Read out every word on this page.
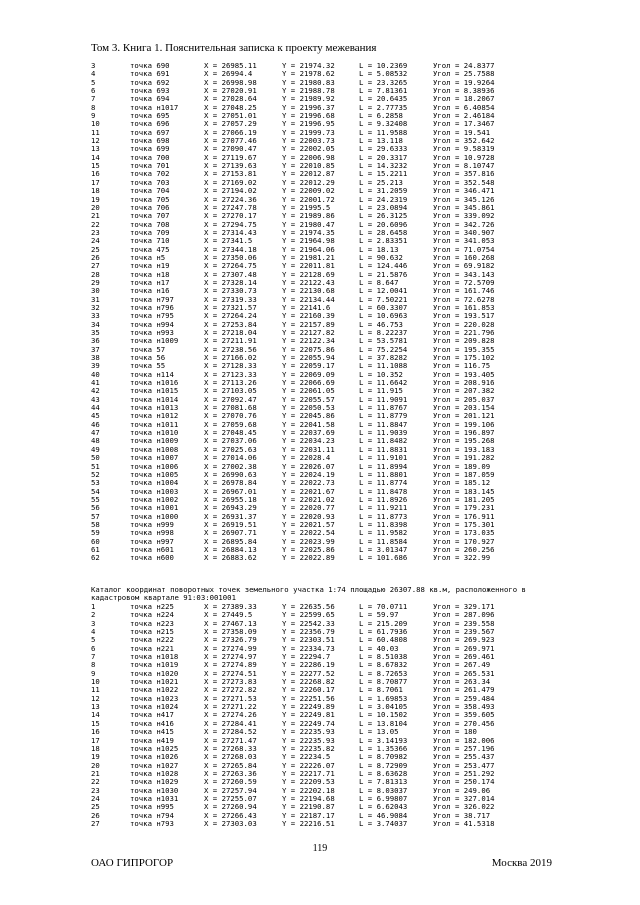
Том 3. Книга 1. Пояснительная записка к проекту межевания
3	точка 690	X = 26985.11	Y = 21974.32	L = 10.2369	Угол = 24.8377
4	точка 691	X = 26994.4	Y = 21978.62	L = 5.08532	Угол = 25.7588
5	точка 692	X = 26998.98	Y = 21980.83	L = 23.3265	Угол = 19.9264
6	точка 693	X = 27020.91	Y = 21988.78	L = 7.81361	Угол = 8.38936
7	точка 694	X = 27028.64	Y = 21989.92	L = 20.6435	Угол = 18.2067
8	точка н1017	X = 27048.25	Y = 21996.37	L = 2.77735	Угол = 6.40854
9	точка 695	X = 27051.01	Y = 21996.68	L = 6.2858	Угол = 2.46184
10	точка 696	X = 27057.29	Y = 21996.95	L = 9.32408	Угол = 17.3467
11	точка 697	X = 27066.19	Y = 21999.73	L = 11.9588	Угол = 19.541
12	точка 698	X = 27077.46	Y = 22003.73	L = 13.118	Угол = 352.642
13	точка 699	X = 27090.47	Y = 22002.05	L = 29.6333	Угол = 9.58319
14	точка 700	X = 27119.67	Y = 22006.98	L = 20.3317	Угол = 10.9728
15	точка 701	X = 27139.63	Y = 22010.85	L = 14.3232	Угол = 8.10747
16	точка 702	X = 27153.81	Y = 22012.87	L = 15.2211	Угол = 357.816
17	точка 703	X = 27169.02	Y = 22012.29	L = 25.213	Угол = 352.548
18	точка 704	X = 27194.02	Y = 22009.02	L = 31.2059	Угол = 346.471
19	точка 705	X = 27224.36	Y = 22001.72	L = 24.2319	Угол = 345.126
20	точка 706	X = 27247.78	Y = 21995.5	L = 23.0894	Угол = 345.861
21	точка 707	X = 27270.17	Y = 21989.86	L = 26.3125	Угол = 339.092
22	точка 708	X = 27294.75	Y = 21980.47	L = 20.6096	Угол = 342.726
23	точка 709	X = 27314.43	Y = 21974.35	L = 28.6458	Угол = 340.907
24	точка 710	X = 27341.5	Y = 21964.98	L = 2.83351	Угол = 341.053
25	точка 475	X = 27344.18	Y = 21964.06	L = 18.13	Угол = 71.0754
26	точка н5	X = 27350.06	Y = 21981.21	L = 90.632	Угол = 160.268
27	точка н19	X = 27264.75	Y = 22011.81	L = 124.446	Угол = 69.9182
28	точка н18	X = 27307.48	Y = 22128.69	L = 21.5876	Угол = 343.143
29	точка н17	X = 27328.14	Y = 22122.43	L = 8.647	Угол = 72.5709
30	точка н16	X = 27330.73	Y = 22130.68	L = 12.0041	Угол = 161.746
31	точка н797	X = 27319.33	Y = 22134.44	L = 7.50221	Угол = 72.6278
32	точка н796	X = 27321.57	Y = 22141.6	L = 60.3307	Угол = 161.853
33	точка н795	X = 27264.24	Y = 22160.39	L = 10.6963	Угол = 193.517
34	точка н994	X = 27253.84	Y = 22157.89	L = 46.753	Угол = 220.028
35	точка н993	X = 27218.04	Y = 22127.82	L = 8.22237	Угол = 221.796
36	точка н1009	X = 27211.91	Y = 22122.34	L = 53.5781	Угол = 209.828
37	точка 57	X = 27238.56	Y = 22075.86	L = 75.2254	Угол = 195.355
38	точка 56	X = 27166.02	Y = 22055.94	L = 37.8282	Угол = 175.102
39	точка 55	X = 27128.33	Y = 22059.17	L = 11.1088	Угол = 116.75
40	точка н114	X = 27123.33	Y = 22069.09	L = 10.352	Угол = 193.405
41	точка н1016	X = 27113.26	Y = 22066.69	L = 11.6642	Угол = 208.916
42	точка н1015	X = 27103.05	Y = 22061.05	L = 11.915	Угол = 207.382
43	точка н1014	X = 27092.47	Y = 22055.57	L = 11.9091	Угол = 205.037
44	точка н1013	X = 27081.68	Y = 22050.53	L = 11.8767	Угол = 203.154
45	точка н1012	X = 27070.76	Y = 22045.86	L = 11.8779	Угол = 201.121
46	точка н1011	X = 27059.68	Y = 22041.58	L = 11.8847	Угол = 199.106
47	точка н1010	X = 27048.45	Y = 22037.69	L = 11.9039	Угол = 196.897
48	точка н1009	X = 27037.06	Y = 22034.23	L = 11.8482	Угол = 195.268
49	точка н1008	X = 27025.63	Y = 22031.11	L = 11.8831	Угол = 193.183
50	точка н1007	X = 27014.06	Y = 22028.4	L = 11.9101	Угол = 191.282
51	точка н1006	X = 27002.38	Y = 22026.07	L = 11.8994	Угол = 189.09
52	точка н1005	X = 26990.63	Y = 22024.19	L = 11.8801	Угол = 187.059
53	точка н1004	X = 26978.84	Y = 22022.73	L = 11.8774	Угол = 185.12
54	точка н1003	X = 26967.01	Y = 22021.67	L = 11.8478	Угол = 183.145
55	точка н1002	X = 26955.18	Y = 22021.02	L = 11.8926	Угол = 181.205
56	точка н1001	X = 26943.29	Y = 22020.77	L = 11.9211	Угол = 179.231
57	точка н1000	X = 26931.37	Y = 22020.93	L = 11.8773	Угол = 176.911
58	точка н999	X = 26919.51	Y = 22021.57	L = 11.8398	Угол = 175.301
59	точка н998	X = 26907.71	Y = 22022.54	L = 11.9582	Угол = 173.035
60	точка н997	X = 26895.84	Y = 22023.99	L = 11.8584	Угол = 170.927
61	точка н601	X = 26884.13	Y = 22025.86	L = 3.01347	Угол = 260.256
62	точка н600	X = 26883.62	Y = 22022.89	L = 101.686	Угол = 322.99
Каталог координат поворотных точек земельного участка 1:74 площадью 26307.88 кв.м, расположенного в кадастровом квартале 91:03:001001
1	точка н225	X = 27389.33	Y = 22635.56	L = 70.0711	Угол = 329.171
2	точка н224	X = 27449.5	Y = 22599.65	L = 59.97	Угол = 287.096
3	точка н223	X = 27467.13	Y = 22542.33	L = 215.209	Угол = 239.558
4	точка н215	X = 27358.09	Y = 22356.79	L = 61.7936	Угол = 239.567
5	точка н222	X = 27326.79	Y = 22303.51	L = 60.4808	Угол = 269.923
6	точка н221	X = 27274.99	Y = 22334.73	L = 40.03	Угол = 269.971
7	точка н1018	X = 27274.97	Y = 22294.7	L = 8.51038	Угол = 269.461
8	точка н1019	X = 27274.89	Y = 22286.19	L = 8.67832	Угол = 267.49
9	точка н1020	X = 27274.51	Y = 22277.52	L = 8.72653	Угол = 265.531
10	точка н1021	X = 27273.83	Y = 22268.82	L = 8.70877	Угол = 263.34
11	точка н1022	X = 27272.82	Y = 22260.17	L = 8.7061	Угол = 261.479
12	точка н1023	X = 27271.53	Y = 22251.56	L = 1.69853	Угол = 259.484
13	точка н1024	X = 27271.22	Y = 22249.89	L = 3.04105	Угол = 358.493
14	точка н417	X = 27274.26	Y = 22249.81	L = 10.1502	Угол = 359.605
15	точка н416	X = 27284.41	Y = 22249.74	L = 13.8104	Угол = 270.456
16	точка н415	X = 27284.52	Y = 22235.93	L = 13.05	Угол = 180
17	точка н419	X = 27271.47	Y = 22235.93	L = 3.14193	Угол = 182.006
18	точка н1025	X = 27268.33	Y = 22235.82	L = 1.35366	Угол = 257.196
19	точка н1026	X = 27268.03	Y = 22234.5	L = 8.70982	Угол = 255.437
20	точка н1027	X = 27265.84	Y = 22226.07	L = 8.72909	Угол = 253.477
21	точка н1028	X = 27263.36	Y = 22217.71	L = 8.63628	Угол = 251.292
22	точка н1029	X = 27260.59	Y = 22209.53	L = 7.81313	Угол = 250.174
23	точка н1030	X = 27257.94	Y = 22202.18	L = 8.03037	Угол = 249.06
24	точка н1031	X = 27255.07	Y = 22194.68	L = 6.99807	Угол = 327.014
25	точка н995	X = 27260.94	Y = 22190.87	L = 6.62043	Угол = 326.022
26	точка н794	X = 27266.43	Y = 22187.17	L = 46.9084	Угол = 38.717
27	точка н793	X = 27303.03	Y = 22216.51	L = 3.74037	Угол = 41.5318
119
ОАО ГИПРОГОР	Москва 2019
